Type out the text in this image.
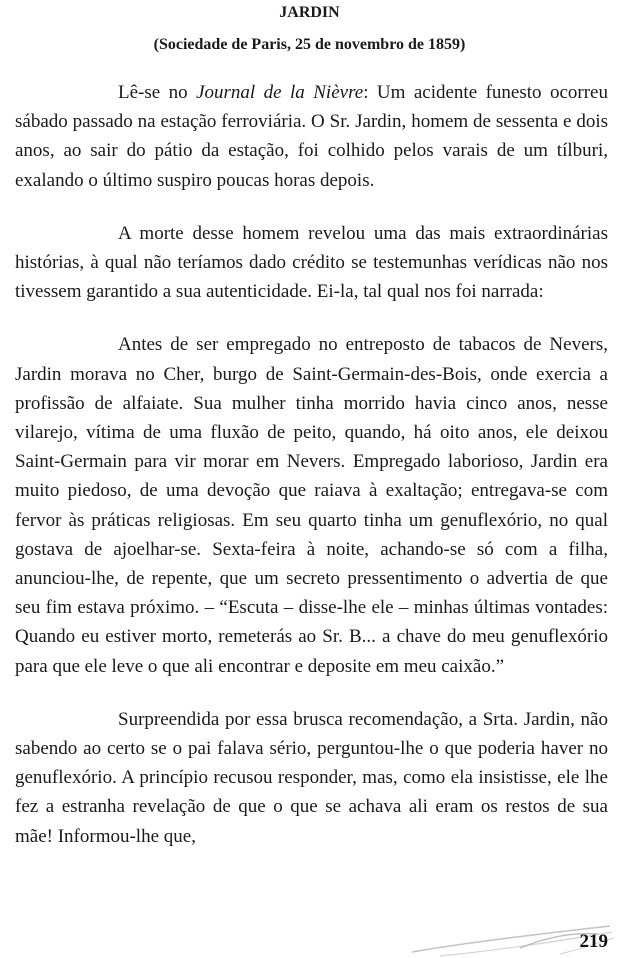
JARDIN
(Sociedade de Paris, 25 de novembro de 1859)

Lê-se no Journal de la Nièvre: Um acidente funesto ocorreu sábado passado na estação ferroviária. O Sr. Jardin, homem de sessenta e dois anos, ao sair do pátio da estação, foi colhido pelos varais de um tílburi, exalando o último suspiro poucas horas depois.

A morte desse homem revelou uma das mais extraordinárias histórias, à qual não teríamos dado crédito se testemunhas verídicas não nos tivessem garantido a sua autenticidade. Ei-la, tal qual nos foi narrada:

Antes de ser empregado no entreposto de tabacos de Nevers, Jardin morava no Cher, burgo de Saint-Germain-des-Bois, onde exercia a profissão de alfaiate. Sua mulher tinha morrido havia cinco anos, nesse vilarejo, vítima de uma fluxão de peito, quando, há oito anos, ele deixou Saint-Germain para vir morar em Nevers. Empregado laborioso, Jardin era muito piedoso, de uma devoção que raiava à exaltação; entregava-se com fervor às práticas religiosas. Em seu quarto tinha um genuflexório, no qual gostava de ajoelhar-se. Sexta-feira à noite, achando-se só com a filha, anunciou-lhe, de repente, que um secreto pressentimento o advertia de que seu fim estava próximo. – “Escuta – disse-lhe ele – minhas últimas vontades: Quando eu estiver morto, remeterás ao Sr. B... a chave do meu genuflexório para que ele leve o que ali encontrar e deposite em meu caixão.”

Surpreendida por essa brusca recomendação, a Srta. Jardin, não sabendo ao certo se o pai falava sério, perguntou-lhe o que poderia haver no genuflexório. A princípio recusou responder, mas, como ela insistisse, ele lhe fez a estranha revelação de que o que se achava ali eram os restos de sua mãe! Informou-lhe que,

219
